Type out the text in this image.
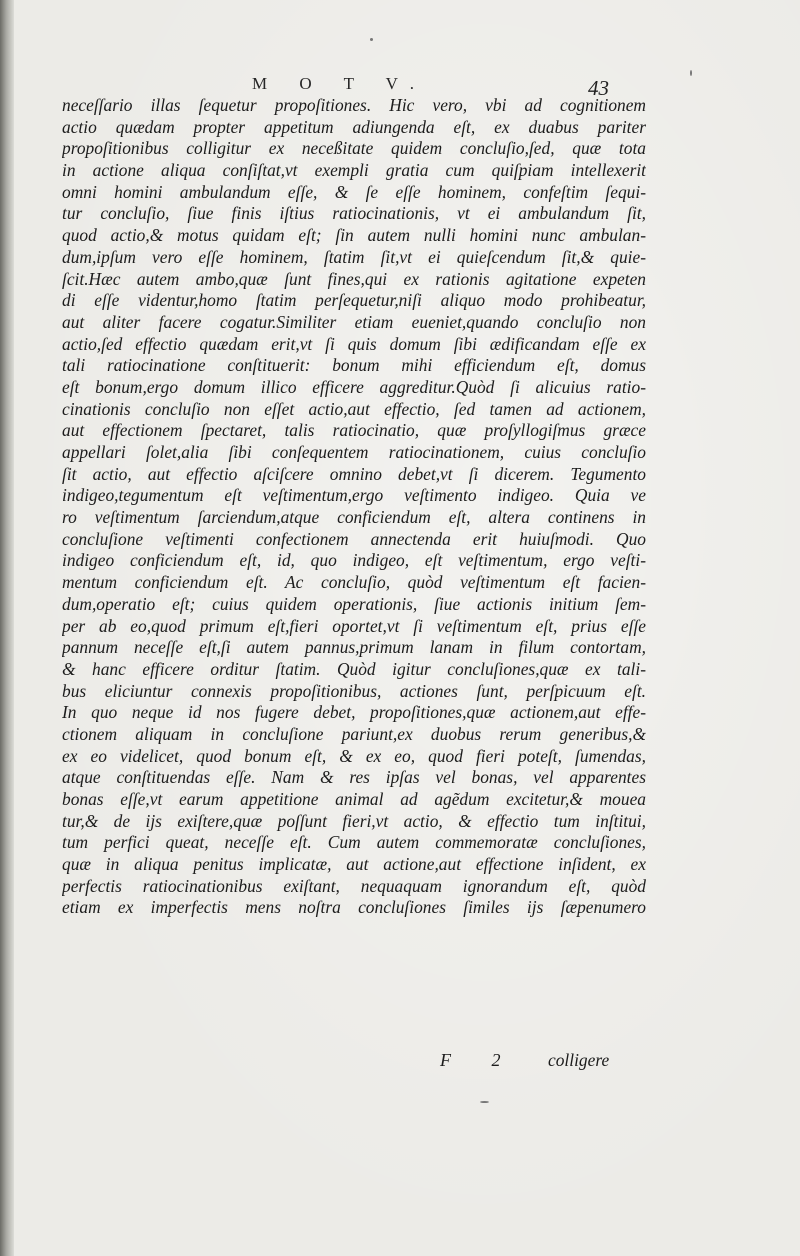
M O T V.	43
neceſſario illas ſequetur propoſitiones. Hic vero, vbi ad cognitionem
actio quædam propter appetitum adiungenda eſt, ex duabus pariter
propoſitionibus colligitur ex neceßitate quidem concluſio,ſed, quæ tota
in actione aliqua conſiſtat,vt exempli gratia cum quiſpiam intellexerit
omni homini ambulandum eſſe, & ſe eſſe hominem, confeſtim ſequi-
tur concluſio, ſiue finis iſtius ratiocinationis, vt ei ambulandum ſit,
quod actio,& motus quidam eſt; ſin autem nulli homini nunc ambulan-
dum,ipſum vero eſſe hominem, ſtatim ſit,vt ei quieſcendum ſit,& quie-
ſcit.Hæc autem ambo,quæ ſunt fines,qui ex rationis agitatione expeten
di eſſe videntur,homo ſtatim perſequetur,niſi aliquo modo prohibeatur,
aut aliter facere cogatur.Similiter etiam eueniet,quando concluſio non
actio,ſed effectio quædam erit,vt ſi quis domum ſibi ædificandam eſſe ex
tali ratiocinatione conſtituerit: bonum mihi efficiendum eſt, domus
eſt bonum,ergo domum illico efficere aggreditur.Quòd ſi alicuius ratio-
cinationis concluſio non eſſet actio,aut effectio, ſed tamen ad actionem,
aut effectionem ſpectaret, talis ratiocinatio, quæ proſyllogiſmus græce
appellari ſolet,alia ſibi conſequentem ratiocinationem, cuius concluſio
ſit actio, aut effectio aſciſcere omnino debet,vt ſi dicerem. Tegumento
indigeo,tegumentum eſt veſtimentum,ergo veſtimento indigeo. Quia ve
ro veſtimentum ſarciendum,atque conficiendum eſt, altera continens in
concluſione veſtimenti confectionem annectenda erit huiuſmodi. Quo
indigeo conficiendum eſt, id, quo indigeo, eſt veſtimentum, ergo veſti-
mentum conficiendum eſt. Ac concluſio, quòd veſtimentum eſt facien-
dum,operatio eſt; cuius quidem operationis, ſiue actionis initium ſem-
per ab eo,quod primum eſt,fieri oportet,vt ſi veſtimentum eſt, prius eſſe
pannum neceſſe eſt,ſi autem pannus,primum lanam in filum contortam,
& hanc efficere orditur ſtatim. Quòd igitur concluſiones,quæ ex tali-
bus eliciuntur connexis propoſitionibus, actiones ſunt, perſpicuum eſt.
In quo neque id nos fugere debet, propoſitiones,quæ actionem,aut effe-
ctionem aliquam in concluſione pariunt,ex duobus rerum generibus,&
ex eo videlicet, quod bonum eſt, & ex eo, quod fieri poteſt, ſumendas,
atque conſtituendas eſſe. Nam & res ipſas vel bonas, vel apparentes
bonas eſſe,vt earum appetitione animal ad agẽdum excitetur,& mouea
tur,& de ijs exiſtere,quæ poſſunt fieri,vt actio, & effectio tum inſtitui,
tum perfici queat, neceſſe eſt. Cum autem commemoratæ concluſiones,
quæ in aliqua penitus implicatæ, aut actione,aut effectione inſident, ex
perfectis ratiocinationibus exiſtant, nequaquam ignorandum eſt, quòd
etiam ex imperfectis mens noſtra concluſiones ſimiles ijs ſæpenumero
F 2 colligere
